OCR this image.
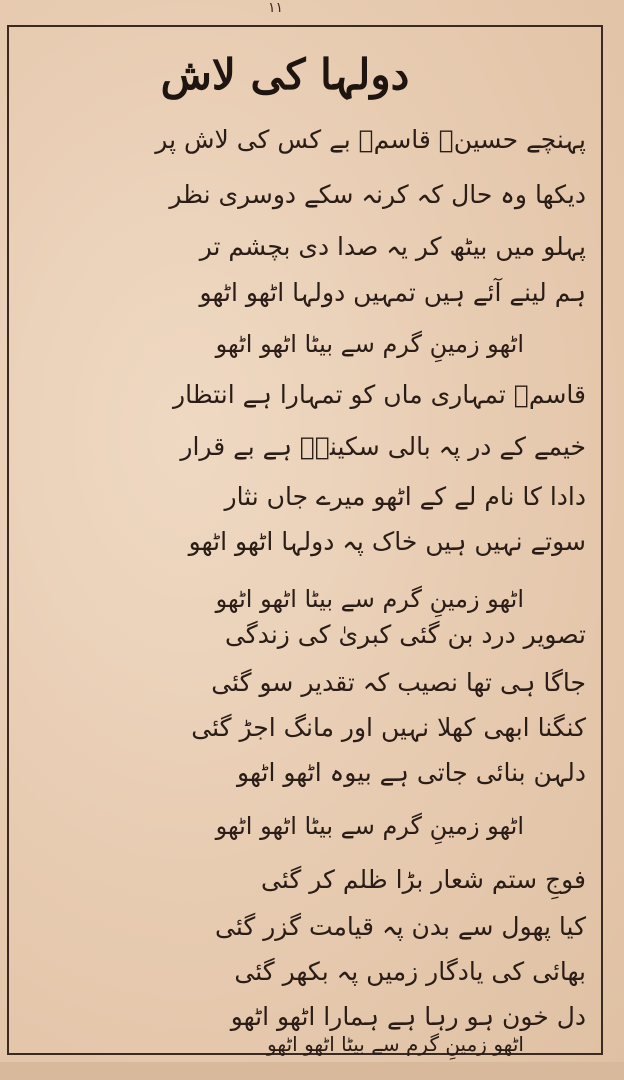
۱۱
دولہا کی لاش
پہنچے حسینؑ قاسمؑ بے کس کی لاش پر
دیکھا وہ حال کہ کرنہ سکے دوسری نظر
پہلو میں بیٹھ کر یہ صدا دی بچشم تر
ہم لینے آئے ہیں تمہیں دولہا اٹھو اٹھو
اٹھو زمینِ گرم سے بیٹا اٹھو اٹھو
قاسمؑ تمہاری ماں کو تمہارا ہے انتظار
خیمے کے در پہ بالی سکینہؑ ہے بے قرار
دادا کا نام لے کے اٹھو میرے جاں نثار
سوتے نہیں ہیں خاک پہ دولہا اٹھو اٹھو
اٹھو زمینِ گرم سے بیٹا اٹھو اٹھو
تصویر درد بن گئی کبریٰ کی زندگی
جاگا ہی تھا نصیب کہ تقدیر سو گئی
کنگنا ابھی کھلا نہیں اور مانگ اجڑ گئی
دلہن بنائی جاتی ہے بیوہ اٹھو اٹھو
اٹھو زمینِ گرم سے بیٹا اٹھو اٹھو
فوجِ ستم شعار بڑا ظلم کر گئی
کیا پھول سے بدن پہ قیامت گزر گئی
بھائی کی یادگار زمیں پہ بکھر گئی
دل خون ہو رہا ہے ہمارا اٹھو اٹھو
اٹھو زمینِ گرم سے بیٹا اٹھو اٹھو
